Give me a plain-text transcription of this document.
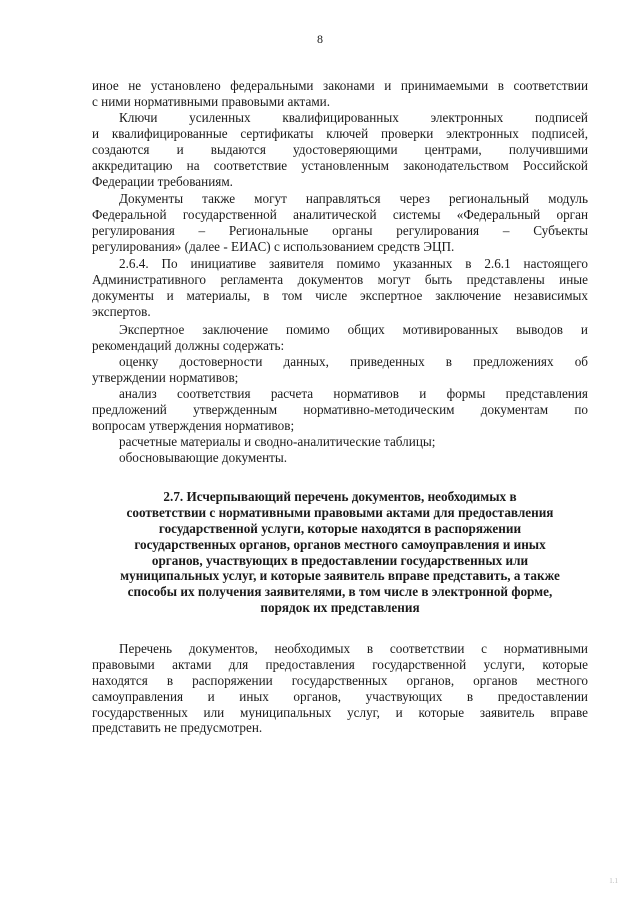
8
иное не установлено федеральными законами и принимаемыми в соответствии
с ними нормативными правовыми актами.
Ключи усиленных квалифицированных электронных подписей
и квалифицированные сертификаты ключей проверки электронных подписей,
создаются и выдаются удостоверяющими центрами, получившими
аккредитацию на соответствие установленным законодательством Российской
Федерации требованиям.
Документы также могут направляться через региональный модуль
Федеральной государственной аналитической системы «Федеральный орган
регулирования – Региональные органы регулирования – Субъекты
регулирования» (далее - ЕИАС) с использованием средств ЭЦП.
2.6.4. По инициативе заявителя помимо указанных в 2.6.1 настоящего
Административного регламента документов могут быть представлены иные
документы и материалы, в том числе экспертное заключение независимых
экспертов.
Экспертное заключение помимо общих мотивированных выводов и
рекомендаций должны содержать:
оценку достоверности данных, приведенных в предложениях об
утверждении нормативов;
анализ соответствия расчета нормативов и формы представления
предложений утвержденным нормативно-методическим документам по
вопросам утверждения нормативов;
расчетные материалы и сводно-аналитические таблицы;
обосновывающие документы.
2.7. Исчерпывающий перечень документов, необходимых в
соответствии с нормативными правовыми актами для предоставления
государственной услуги, которые находятся в распоряжении
государственных органов, органов местного самоуправления и иных
органов, участвующих в предоставлении государственных или
муниципальных услуг, и которые заявитель вправе представить, а также
способы их получения заявителями, в том числе в электронной форме,
порядок их представления
Перечень документов, необходимых в соответствии с нормативными
правовыми актами для предоставления государственной услуги, которые
находятся в распоряжении государственных органов, органов местного
самоуправления и иных органов, участвующих в предоставлении
государственных или муниципальных услуг, и которые заявитель вправе
представить не предусмотрен.
1.1
